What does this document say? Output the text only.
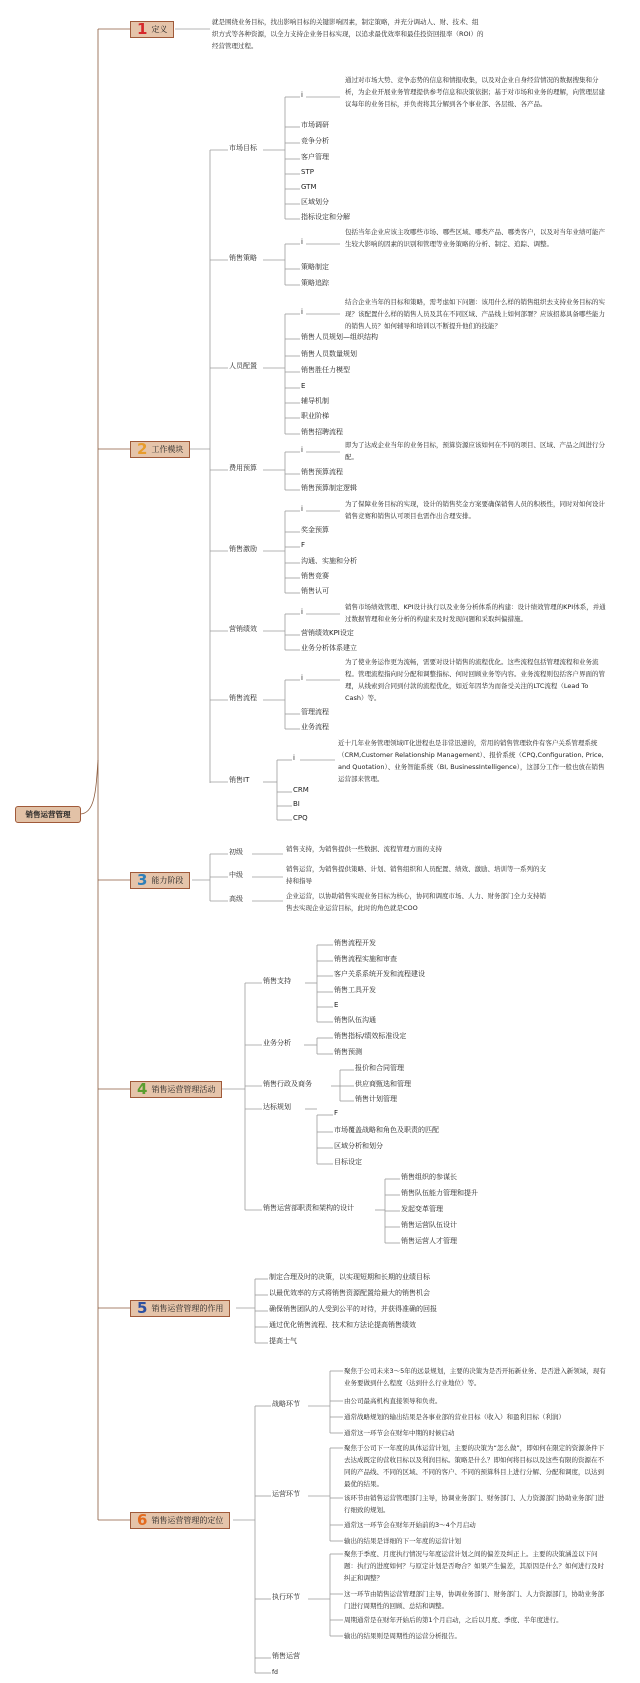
销售运营管理
1 定义
2 工作模块
3 能力阶段
4 销售运营管理活动
5 销售运营管理的作用
6 销售运营管理的定位
就是围绕业务目标，找出影响目标的关键影响因素，制定策略，并充分调动人、财、技术、组织方式等各种资源，以全力支持企业务目标实现，以追求最优效率和最佳投资回报率（ROI）的经营管理过程。
市场目标
销售策略
人员配置
费用预算
销售激励
营销绩效
销售流程
销售IT
i
i
i
i
i
i
i
i
通过对市场大势、竞争态势的信息和情报收集，以及对企业自身经营情况的数据搜集和分析，为企业开展业务管理提供参考信息和决策依据；基于对市场和业务的理解，向管理层建议每年的业务目标，并负责将其分解到各个事业部、各层级、各产品。
包括当年企业应该主攻哪些市场、哪些区域、哪类产品、哪类客户，以及对当年业绩可能产生较大影响的因素的识别和管理等业务策略的分析、制定、追踪、调整。
结合企业当年的目标和策略，需考虑如下问题：该用什么样的销售组织去支持业务目标的实现？该配置什么样的销售人员及其在不同区域、产品线上如何部署？应该招募具备哪些能力的销售人员？如何辅导和培训以不断提升他们的技能？
即为了达成企业当年的业务目标，预算资源应该如何在不同的项目、区域、产品之间进行分配。
为了保障业务目标的实现，设计的销售奖金方案要确保销售人员的积极性，同时对如何设计销售竞赛和销售认可项目也需作出合理安排。
销售市场绩效管理、KPI设计执行以及业务分析体系的构建：设计绩效管理的KPI体系，并通过数据管理和业务分析的构建来及时发现问题和采取纠偏措施。
为了使业务运作更为流畅，需要对设计销售的流程优化。这些流程包括管理流程和业务流程。管理流程指向时分配和调整指标、何时回顾业务等内容。业务流程则包括客户界面的管理，从线索到合同到付款的流程优化，如近年因华为而备受关注的LTC流程（Lead To Cash）等。
近十几年业务管理领域IT化进程也是非常迅速的，常用的销售管理软件有客户关系管理系统（CRM,Customer Relationship Management）、报价系统（CPQ,Configuration, Price, and Quotation）、业务智能系统（BI, BusinessIntelligence），这部分工作一般也放在销售运营部来管理。
市场调研
竞争分析
客户管理
STP
GTM
区域划分
指标设定和分解
策略制定
策略追踪
销售人员规划—组织结构
销售人员数量规划
销售胜任力模型
E
辅导机制
职业阶梯
销售招聘流程
销售预算流程
销售预算制定逻辑
奖金预算
F
沟通、实施和分析
销售竞赛
销售认可
营销绩效KPI设定
业务分析体系建立
管理流程
业务流程
CRM
BI
CPQ
初级
中级
高级
销售支持，为销售提供一些数据、流程管理方面的支持
销售运营，为销售提供策略、计划、销售组织和人员配置、绩效、激励、培训等一系列的支持和指导
企业运营，以协助销售实现业务目标为核心，协同和调度市场、人力、财务部门全力支持销售去实现企业运营目标，此时的角色就是COO
销售支持
业务分析
销售行政及商务
达标规划
销售运营部职责和架构的设计
销售流程开发
销售流程实施和审查
客户关系系统开发和流程建设
销售工具开发
E
销售队伍沟通
销售指标/绩效标准设定
销售预测
报价和合同管理
供应商甄选和管理
销售计划管理
F
市场覆盖战略和角色及职责的匹配
区域分析和划分
目标设定
销售组织的参谋长
销售队伍能力管理和提升
发起变革管理
销售运营队伍设计
销售运营人才管理
制定合理及时的决策，以实现短期和长期的业绩目标
以最优效率的方式将销售资源配置给最大的销售机会
确保销售团队的人受到公平的对待，并获得准确的回报
通过优化销售流程、技术和方法论提高销售绩效
提高士气
战略环节
运营环节
执行环节
销售运营
fd
聚焦于公司未来3～5年的远景规划，主要的决策为是否开拓新业务、是否进入新领域，现有业务要做到什么程度（达到什么行业地位）等。
由公司最高机构直接领导和负责。
通常战略规划的输出结果是各事业部的营业目标（收入）和盈利目标（利润）
通常这一环节会在财年中期的时候启动
聚焦于公司下一年度的具体运营计划，主要的决策为“怎么做”，即如何在限定的资源条件下去达成既定的营收目标以及利润目标。策略是什么？即如何将目标以及这些有限的资源在不同的产品线、不同的区域、不同的客户、不同的预算科目上进行分解、分配和调度，以达到最优的结果。
该环节由销售运营管理部门主导，协调业务部门、财务部门、人力资源部门协助业务部门进行细致的规划。
通常这一环节会在财年开始前的3～4个月启动
输出的结果是详细的下一年度的运营计划
聚焦于季度、月度执行情况与年度运营计划之间的偏差及纠正上。主要的决策涵盖以下问题：执行的进度如何？与原定计划是否吻合？如果产生偏差，其原因是什么？如何进行及时纠正和调整？
这一环节由销售运营管理部门主导，协调业务部门、财务部门、人力资源部门，协助业务部门进行周期性的回顾、总结和调整。
周期通常是在财年开始后的第1个月启动，之后以月度、季度、半年度进行。
输出的结果则是周期性的运营分析报告。
